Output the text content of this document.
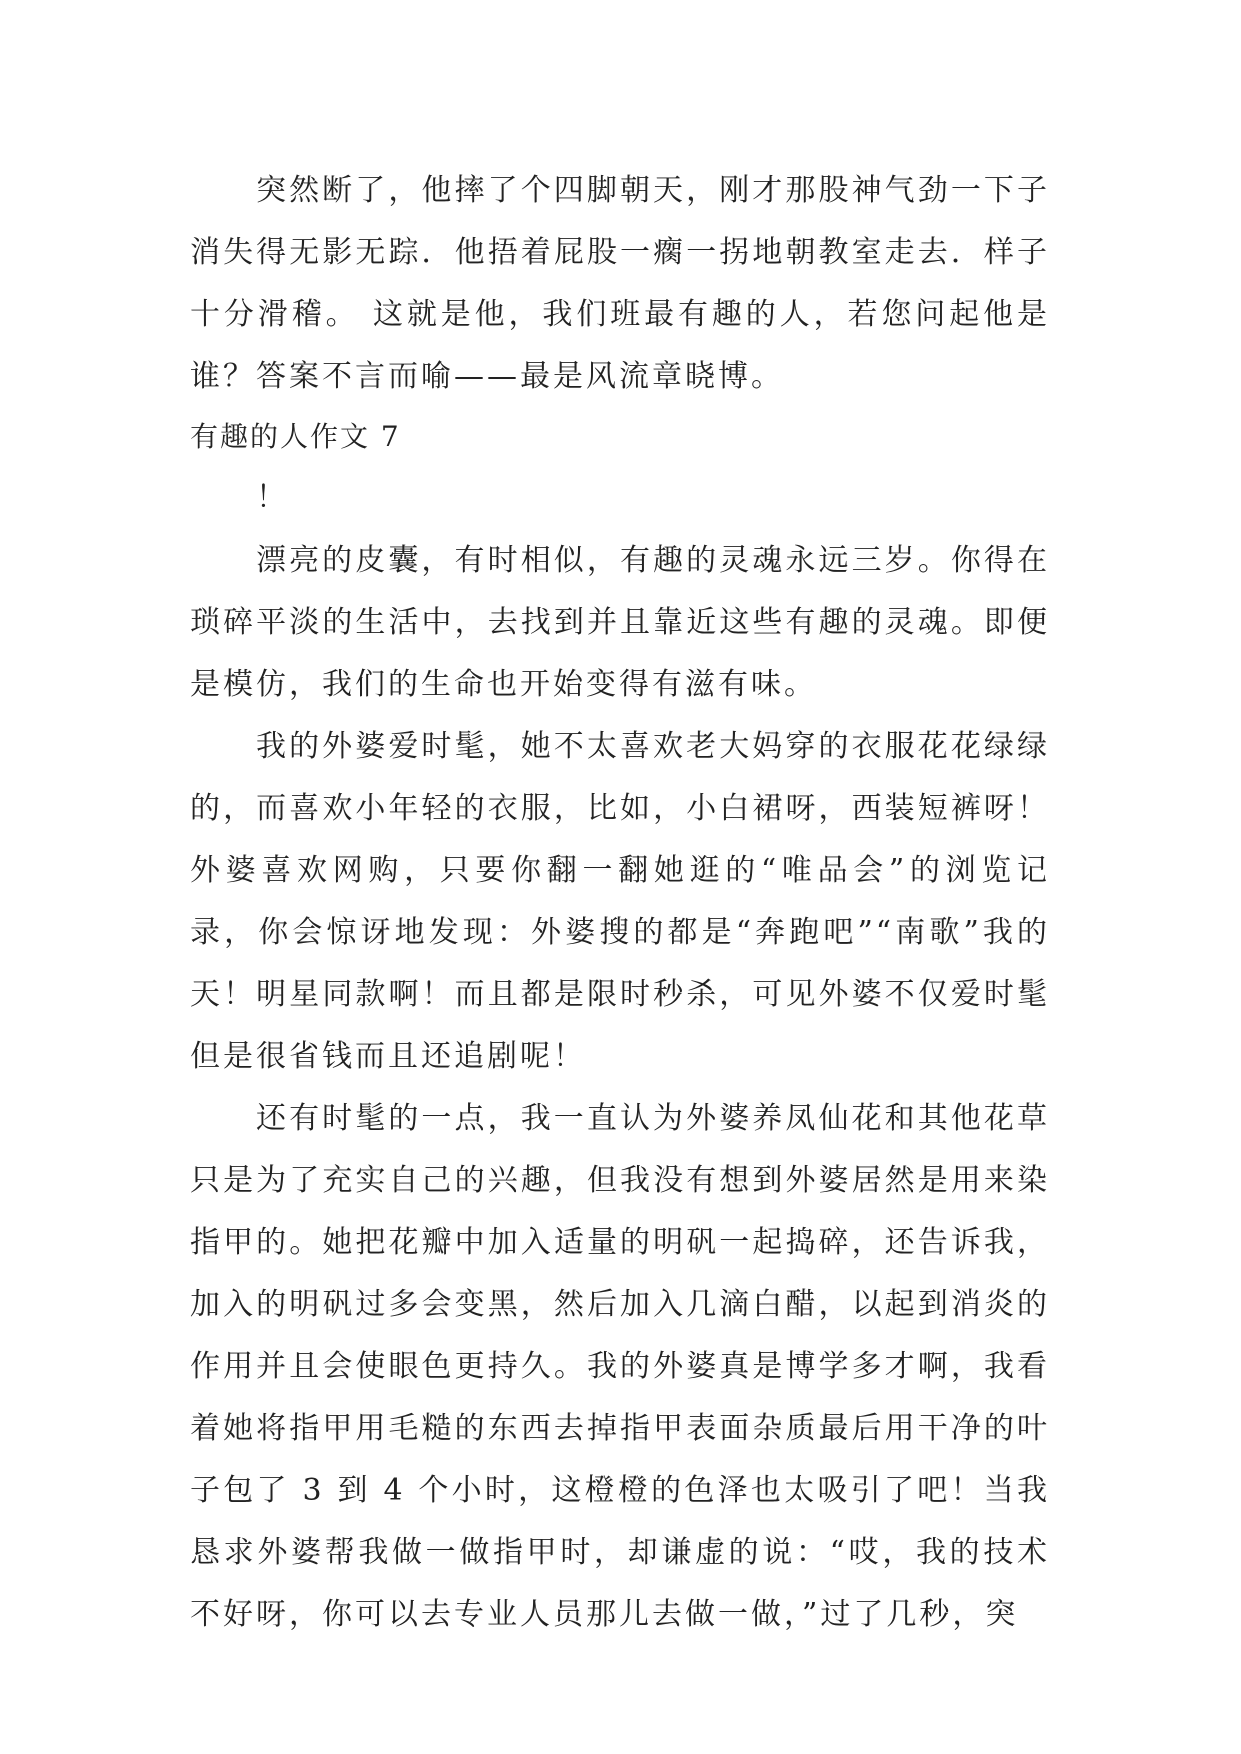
突然断了，他摔了个四脚朝天，刚才那股神气劲一下子消失得无影无踪．他捂着屁股一瘸一拐地朝教室走去．样子十分滑稽。 这就是他，我们班最有趣的人，若您问起他是谁？答案不言而喻——最是风流章晓博。

有趣的人作文 7

！

漂亮的皮囊，有时相似，有趣的灵魂永远三岁。你得在琐碎平淡的生活中，去找到并且靠近这些有趣的灵魂。即便是模仿，我们的生命也开始变得有滋有味。

我的外婆爱时髦，她不太喜欢老大妈穿的衣服花花绿绿的，而喜欢小年轻的衣服，比如，小白裙呀，西装短裤呀！外婆喜欢网购，只要你翻一翻她逛的“唯品会”的浏览记录，你会惊讶地发现：外婆搜的都是“奔跑吧”“南歌”我的天！明星同款啊！而且都是限时秒杀，可见外婆不仅爱时髦但是很省钱而且还追剧呢！

还有时髦的一点，我一直认为外婆养凤仙花和其他花草只是为了充实自己的兴趣，但我没有想到外婆居然是用来染指甲的。她把花瓣中加入适量的明矾一起捣碎，还告诉我，加入的明矾过多会变黑，然后加入几滴白醋，以起到消炎的作用并且会使眼色更持久。我的外婆真是博学多才啊，我看着她将指甲用毛糙的东西去掉指甲表面杂质最后用干净的叶子包了 3 到 4 个小时，这橙橙的色泽也太吸引了吧！当我恳求外婆帮我做一做指甲时，却谦虚的说：“哎，我的技术不好呀，你可以去专业人员那儿去做一做，”过了几秒，突
